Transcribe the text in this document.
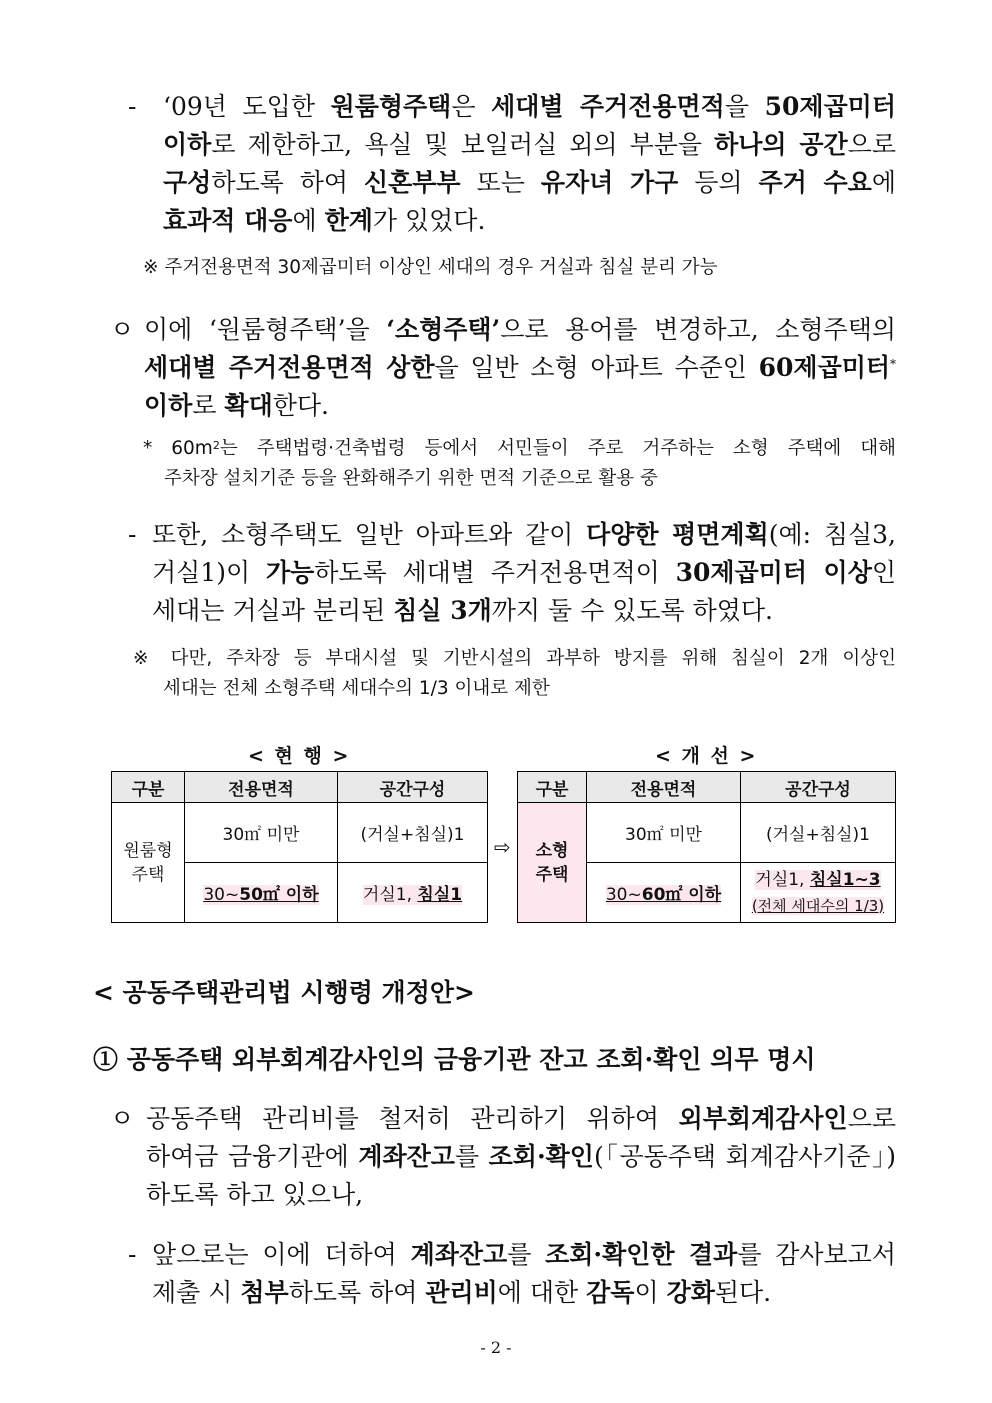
- ‘09년 도입한 원룸형주택은 세대별 주거전용면적을 50제곱미터
이하로 제한하고, 욕실 및 보일러실 외의 부분을 하나의 공간으로
구성하도록 하여 신혼부부 또는 유자녀 가구 등의 주거 수요에
효과적 대응에 한계가 있었다.
※ 주거전용면적 30제곱미터 이상인 세대의 경우 거실과 침실 분리 가능
ㅇ 이에 ‘원룸형주택’을 ‘소형주택’으로 용어를 변경하고, 소형주택의
세대별 주거전용면적 상한을 일반 소형 아파트 수준인 60제곱미터*
이하로 확대한다.
* $60m^2$는 주택법령·건축법령 등에서 서민들이 주로 거주하는 소형 주택에 대해
주차장 설치기준 등을 완화해주기 위한 면적 기준으로 활용 중
- 또한, 소형주택도 일반 아파트와 같이 다양한 평면계획(예: 침실3,
거실1)이 가능하도록 세대별 주거전용면적이 30제곱미터 이상인
세대는 거실과 분리된 침실 3개까지 둘 수 있도록 하였다.
※ 다만, 주차장 등 부대시설 및 기반시설의 과부하 방지를 위해 침실이 2개 이상인
세대는 전체 소형주택 세대수의 1/3 이내로 제한
< 현 행 >	< 개 선 >
구분	전용면적	공간구성
원룸형
주택	30㎡ 미만	(거실+침실)1
	30~50㎡ 이하	거실1, 침실1
⇨
구분	전용면적	공간구성
소형
주택	30㎡ 미만	(거실+침실)1
	30~60㎡ 이하	거실1, 침실1~3
(전체 세대수의 1/3)
< 공동주택관리법 시행령 개정안>
① 공동주택 외부회계감사인의 금융기관 잔고 조회·확인 의무 명시
ㅇ 공동주택 관리비를 철저히 관리하기 위하여 외부회계감사인으로
하여금 금융기관에 계좌잔고를 조회·확인(「공동주택 회계감사기준」)
하도록 하고 있으나,
- 앞으로는 이에 더하여 계좌잔고를 조회·확인한 결과를 감사보고서
제출 시 첨부하도록 하여 관리비에 대한 감독이 강화된다.
- 2 -
